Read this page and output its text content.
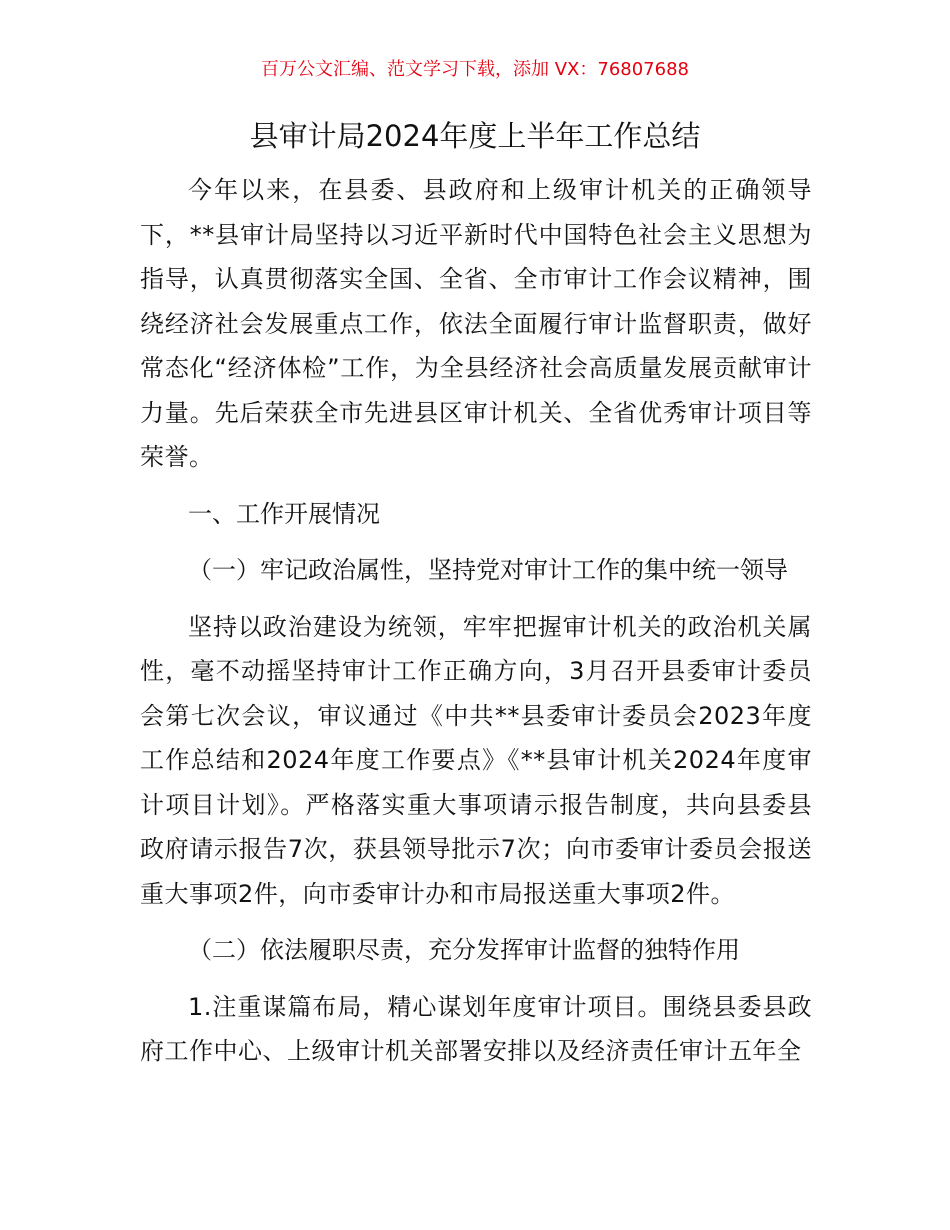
百万公文汇编、范文学习下载，添加 VX：76807688
县审计局2024年度上半年工作总结

今年以来，在县委、县政府和上级审计机关的正确领导下，**县审计局坚持以习近平新时代中国特色社会主义思想为指导，认真贯彻落实全国、全省、全市审计工作会议精神，围绕经济社会发展重点工作，依法全面履行审计监督职责，做好常态化“经济体检”工作，为全县经济社会高质量发展贡献审计力量。先后荣获全市先进县区审计机关、全省优秀审计项目等荣誉。

一、工作开展情况

（一）牢记政治属性，坚持党对审计工作的集中统一领导

坚持以政治建设为统领，牢牢把握审计机关的政治机关属性，毫不动摇坚持审计工作正确方向，3月召开县委审计委员会第七次会议，审议通过《中共**县委审计委员会2023年度工作总结和2024年度工作要点》《**县审计机关2024年度审计项目计划》。严格落实重大事项请示报告制度，共向县委县政府请示报告7次，获县领导批示7次；向市委审计委员会报送重大事项2件，向市委审计办和市局报送重大事项2件。

（二）依法履职尽责，充分发挥审计监督的独特作用

1.注重谋篇布局，精心谋划年度审计项目。围绕县委县政府工作中心、上级审计机关部署安排以及经济责任审计五年全
